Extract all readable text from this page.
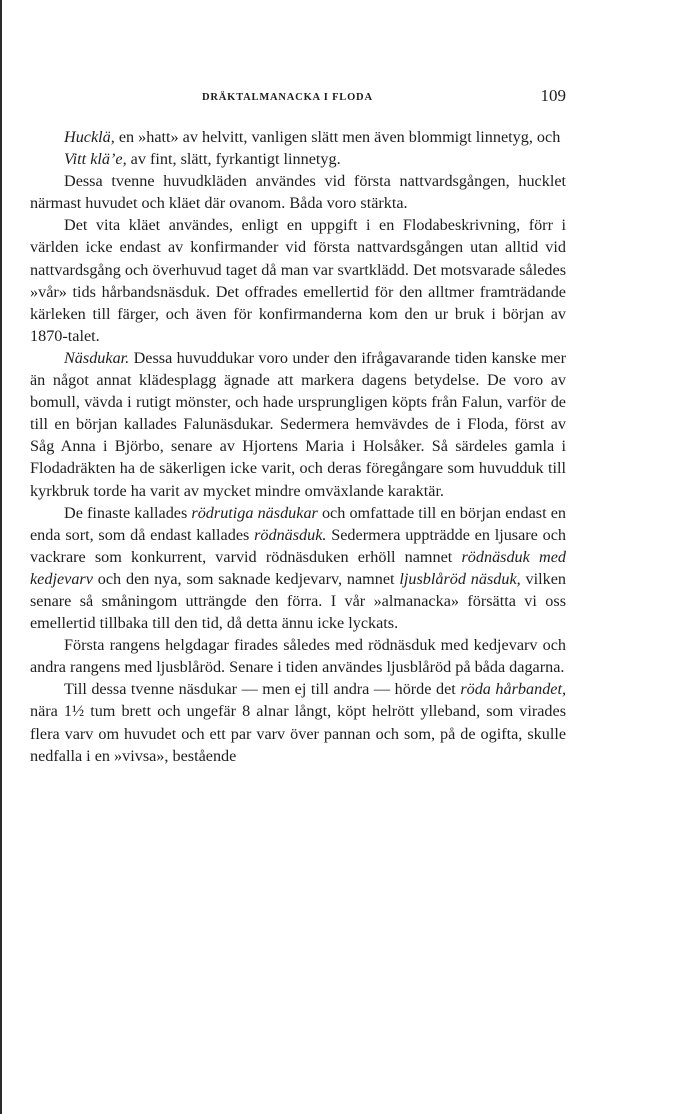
DRÄKTALMANACKA I FLODA	109

Hucklä, en »hatt» av helvitt, vanligen slätt men även blommigt linnetyg, och

Vitt klä’e, av fint, slätt, fyrkantigt linnetyg.

Dessa tvenne huvudkläden användes vid första nattvardsgången, hucklet närmast huvudet och kläet där ovanom. Båda voro stärkta.

Det vita kläet användes, enligt en uppgift i en Flodabeskrivning, förr i världen icke endast av konfirmander vid första nattvardsgången utan alltid vid nattvardsgång och överhuvud taget då man var svartklädd. Det motsvarade således »vår» tids hårbandsnäsduk. Det offrades emellertid för den alltmer framträdande kärleken till färger, och även för konfirmanderna kom den ur bruk i början av 1870-talet.

Näsdukar. Dessa huvuddukar voro under den ifrågavarande tiden kanske mer än något annat klädesplagg ägnade att markera dagens betydelse. De voro av bomull, vävda i rutigt mönster, och hade ursprungligen köpts från Falun, varför de till en början kallades Falunäsdukar. Sedermera hemvävdes de i Floda, först av Såg Anna i Björbo, senare av Hjortens Maria i Holsåker. Så särdeles gamla i Flodadräkten ha de säkerligen icke varit, och deras föregångare som huvudduk till kyrkbruk torde ha varit av mycket mindre omväxlande karaktär.

De finaste kallades rödrutiga näsdukar och omfattade till en början endast en enda sort, som då endast kallades rödnäsduk. Sedermera uppträdde en ljusare och vackrare som konkurrent, varvid rödnäsduken erhöll namnet rödnäsduk med kedjevarv och den nya, som saknade kedjevarv, namnet ljusblåröd näsduk, vilken senare så småningom utträngde den förra. I vår »almanacka» försätta vi oss emellertid tillbaka till den tid, då detta ännu icke lyckats.

Första rangens helgdagar firades således med rödnäsduk med kedjevarv och andra rangens med ljusblåröd. Senare i tiden användes ljusblåröd på båda dagarna.

Till dessa tvenne näsdukar — men ej till andra — hörde det röda hårbandet, nära 1½ tum brett och ungefär 8 alnar långt, köpt helrött ylleband, som virades flera varv om huvudet och ett par varv över pannan och som, på de ogifta, skulle nedfalla i en »vivsa», bestående
